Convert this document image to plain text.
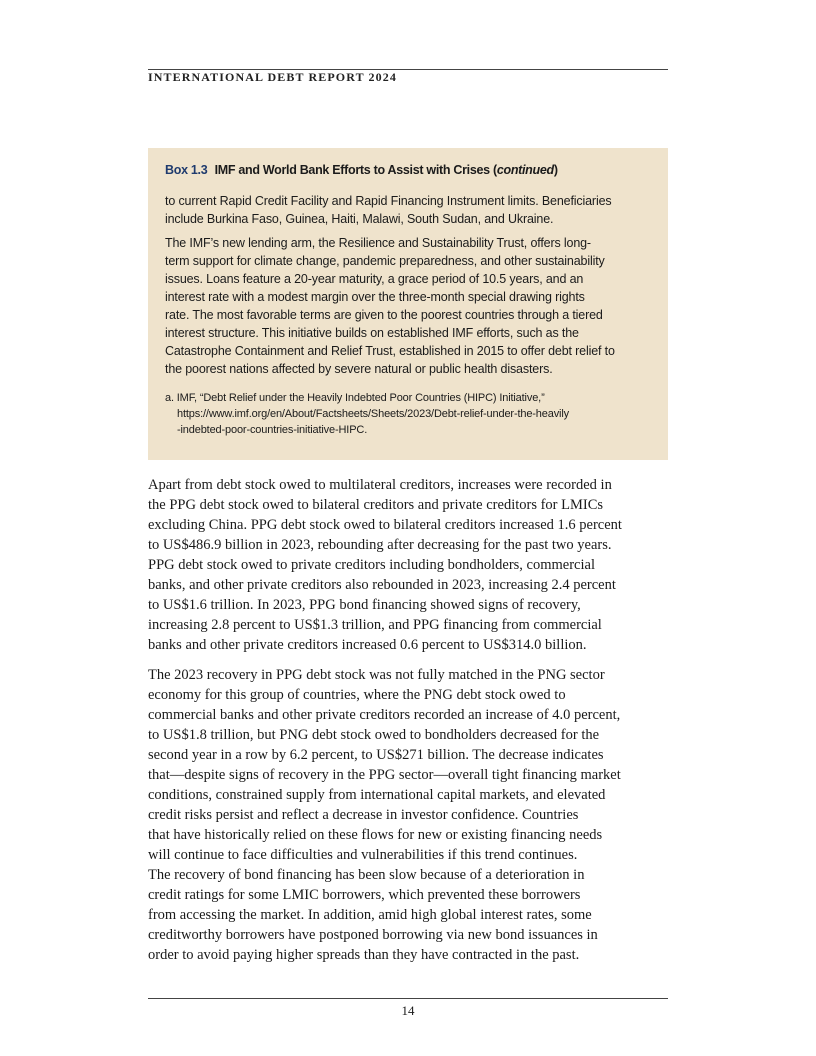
INTERNATIONAL DEBT REPORT 2024
Box 1.3 IMF and World Bank Efforts to Assist with Crises (continued)

to current Rapid Credit Facility and Rapid Financing Instrument limits. Beneficiaries
include Burkina Faso, Guinea, Haiti, Malawi, South Sudan, and Ukraine.

The IMF’s new lending arm, the Resilience and Sustainability Trust, offers long-
term support for climate change, pandemic preparedness, and other sustainability
issues. Loans feature a 20-year maturity, a grace period of 10.5 years, and an
interest rate with a modest margin over the three-month special drawing rights
rate. The most favorable terms are given to the poorest countries through a tiered
interest structure. This initiative builds on established IMF efforts, such as the
Catastrophe Containment and Relief Trust, established in 2015 to offer debt relief to
the poorest nations affected by severe natural or public health disasters.

a. IMF, “Debt Relief under the Heavily Indebted Poor Countries (HIPC) Initiative,”
https://www.imf.org/en/About/Factsheets/Sheets/2023/Debt-relief-under-the-heavily
-indebted-poor-countries-initiative-HIPC.

Apart from debt stock owed to multilateral creditors, increases were recorded in
the PPG debt stock owed to bilateral creditors and private creditors for LMICs
excluding China. PPG debt stock owed to bilateral creditors increased 1.6 percent
to US$486.9 billion in 2023, rebounding after decreasing for the past two years.
PPG debt stock owed to private creditors including bondholders, commercial
banks, and other private creditors also rebounded in 2023, increasing 2.4 percent
to US$1.6 trillion. In 2023, PPG bond financing showed signs of recovery,
increasing 2.8 percent to US$1.3 trillion, and PPG financing from commercial
banks and other private creditors increased 0.6 percent to US$314.0 billion.

The 2023 recovery in PPG debt stock was not fully matched in the PNG sector
economy for this group of countries, where the PNG debt stock owed to
commercial banks and other private creditors recorded an increase of 4.0 percent,
to US$1.8 trillion, but PNG debt stock owed to bondholders decreased for the
second year in a row by 6.2 percent, to US$271 billion. The decrease indicates
that—despite signs of recovery in the PPG sector—overall tight financing market
conditions, constrained supply from international capital markets, and elevated
credit risks persist and reflect a decrease in investor confidence. Countries
that have historically relied on these flows for new or existing financing needs
will continue to face difficulties and vulnerabilities if this trend continues.
The recovery of bond financing has been slow because of a deterioration in
credit ratings for some LMIC borrowers, which prevented these borrowers
from accessing the market. In addition, amid high global interest rates, some
creditworthy borrowers have postponed borrowing via new bond issuances in
order to avoid paying higher spreads than they have contracted in the past.

14
